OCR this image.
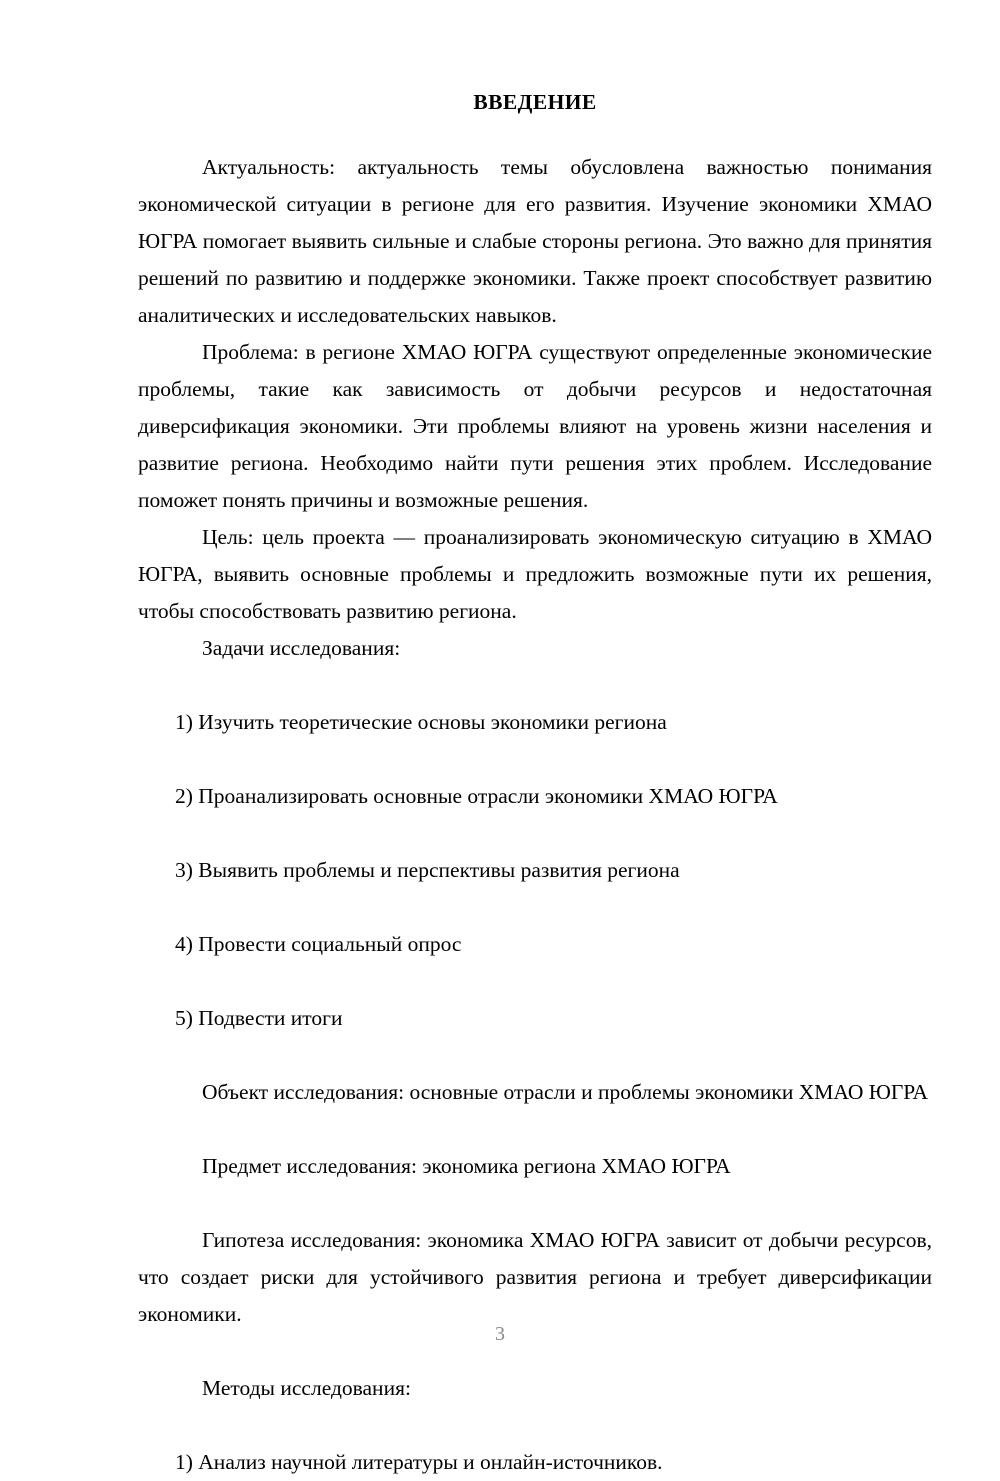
ВВЕДЕНИЕ

Актуальность: актуальность темы обусловлена важностью понимания экономической ситуации в регионе для его развития. Изучение экономики ХМАО ЮГРА помогает выявить сильные и слабые стороны региона. Это важно для принятия решений по развитию и поддержке экономики. Также проект способствует развитию аналитических и исследовательских навыков.

Проблема: в регионе ХМАО ЮГРА существуют определенные экономические проблемы, такие как зависимость от добычи ресурсов и недостаточная диверсификация экономики. Эти проблемы влияют на уровень жизни населения и развитие региона. Необходимо найти пути решения этих проблем. Исследование поможет понять причины и возможные решения.

Цель: цель проекта — проанализировать экономическую ситуацию в ХМАО ЮГРА, выявить основные проблемы и предложить возможные пути их решения, чтобы способствовать развитию региона.

Задачи исследования:

1) Изучить теоретические основы экономики региона

2) Проанализировать основные отрасли экономики ХМАО ЮГРА

3) Выявить проблемы и перспективы развития региона

4) Провести социальный опрос

5) Подвести итоги

Объект исследования: основные отрасли и проблемы экономики ХМАО ЮГРА

Предмет исследования: экономика региона ХМАО ЮГРА

Гипотеза исследования: экономика ХМАО ЮГРА зависит от добычи ресурсов, что создает риски для устойчивого развития региона и требует диверсификации экономики.

Методы исследования:

1) Анализ научной литературы и онлайн-источников.

3
